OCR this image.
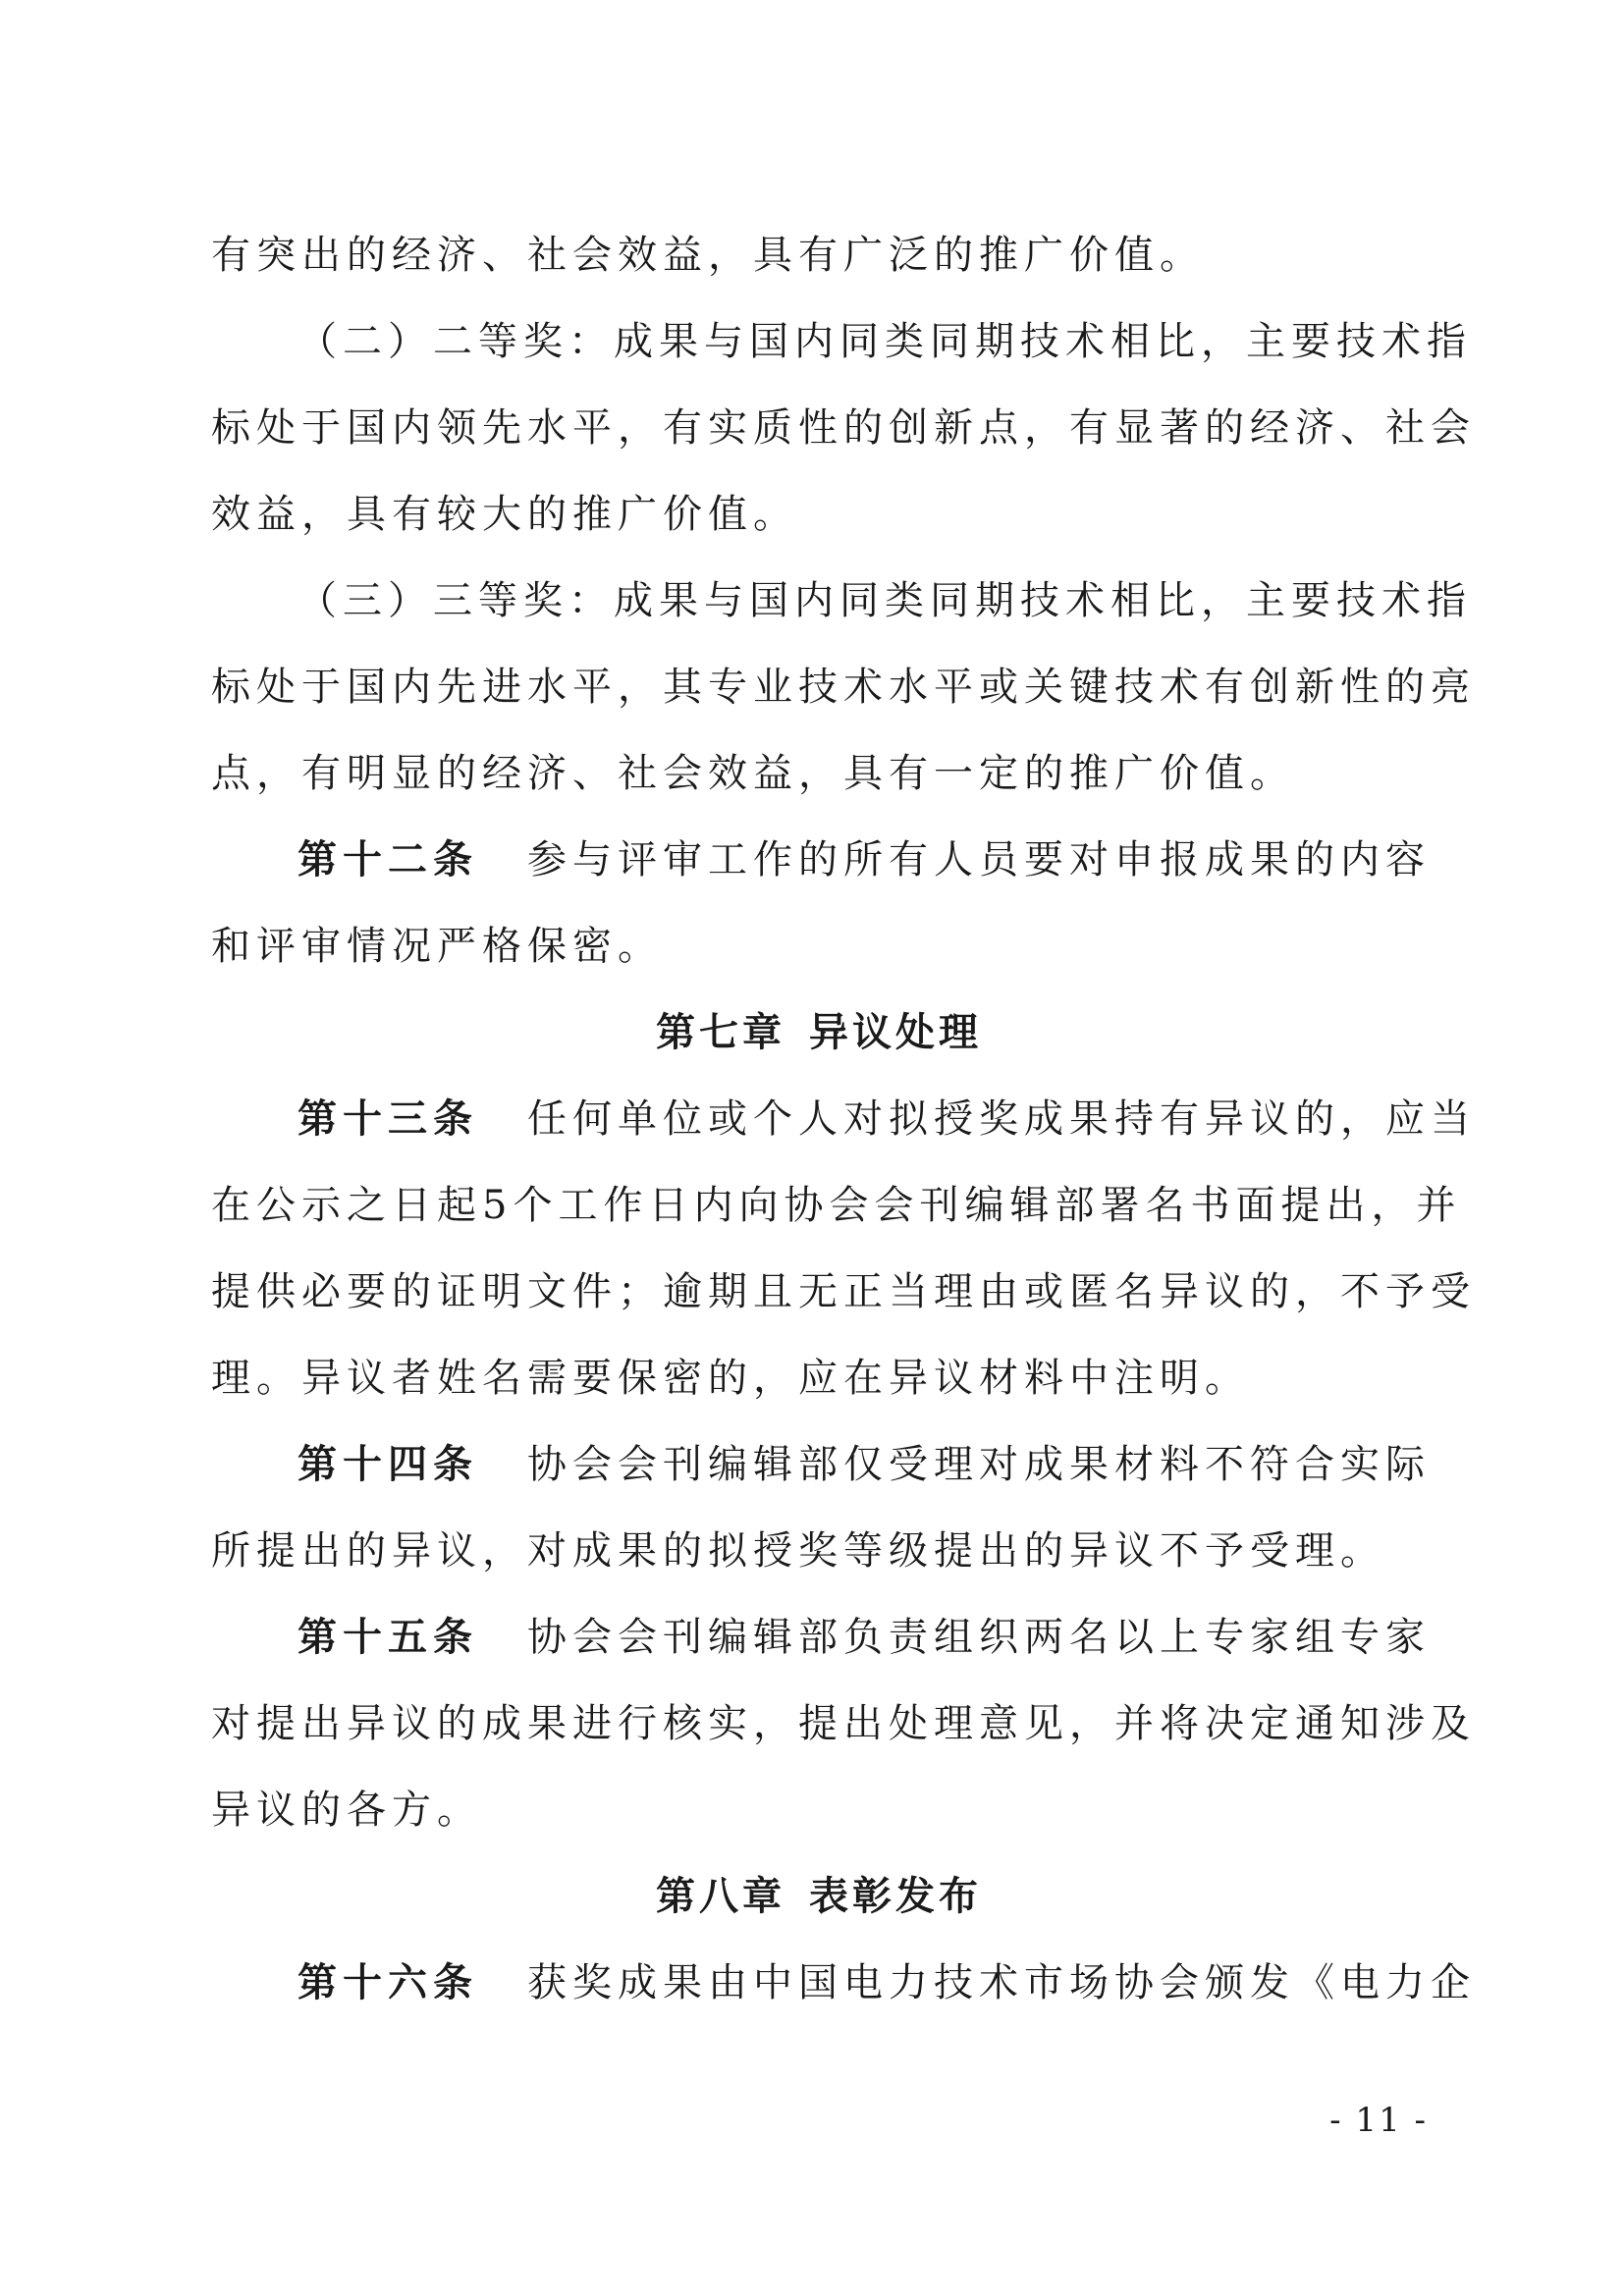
有突出的经济、社会效益，具有广泛的推广价值。
（二）二等奖：成果与国内同类同期技术相比，主要技术指
标处于国内领先水平，有实质性的创新点，有显著的经济、社会
效益，具有较大的推广价值。
（三）三等奖：成果与国内同类同期技术相比，主要技术指
标处于国内先进水平，其专业技术水平或关键技术有创新性的亮
点，有明显的经济、社会效益，具有一定的推广价值。
第十二条 参与评审工作的所有人员要对申报成果的内容
和评审情况严格保密。
第七章 异议处理
第十三条 任何单位或个人对拟授奖成果持有异议的，应当
在公示之日起5个工作日内向协会会刊编辑部署名书面提出，并
提供必要的证明文件；逾期且无正当理由或匿名异议的，不予受
理。异议者姓名需要保密的，应在异议材料中注明。
第十四条 协会会刊编辑部仅受理对成果材料不符合实际
所提出的异议，对成果的拟授奖等级提出的异议不予受理。
第十五条 协会会刊编辑部负责组织两名以上专家组专家
对提出异议的成果进行核实，提出处理意见，并将决定通知涉及
异议的各方。
第八章 表彰发布
第十六条 获奖成果由中国电力技术市场协会颁发《电力企
- 11 -
